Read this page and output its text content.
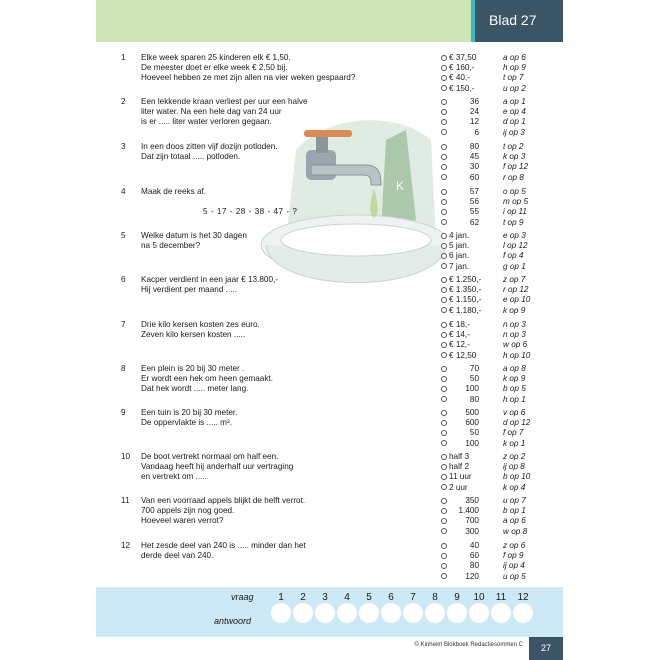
Blad 27
K
1 Elke week sparen 25 kinderen elk € 1,50.
De meester doet er elke week € 2,50 bij.
Hoeveel hebben ze met zijn allen na vier weken gespaard?
€ 37,50	a op 6
€ 160,-	h op 9
€ 40,-	t op 7
€ 150,-	u op 2
2 Een lekkende kraan verliest per uur een halve
liter water. Na een hele dag van 24 uur
is er ..... liter water verloren gegaan.
36	a op 1
24	e op 4
12	d op 1
6	ij op 3
3 In een doos zitten vijf dozijn potloden.
Dat zijn totaal ..... potloden.
80	t op 2
45	k op 3
30	f op 12
60	r op 8
4 Maak de reeks af.
5 - 17 - 28 - 38 - 47 - ?
57	o op 5
56	m op 5
55	i op 11
62	t op 9
5 Welke datum is het 30 dagen
na 5 december?
4 jan.	e op 3
5 jan.	l op 12
6 jan.	f op 4
7 jan.	g op 1
6 Kacper verdient in een jaar € 13.800,-
Hij verdient per maand .....
€ 1.250,-	z op 7
€ 1.350,-	r op 12
€ 1.150,-	e op 10
€ 1.180,-	k op 9
7 Drie kilo kersen kosten zes euro.
Zeven kilo kersen kosten .....
€ 18,-	n op 3
€ 14,-	n op 3
€ 12,-	w op 6
€ 12,50	h op 10
8 Een plein is 20 bij 30 meter .
Er wordt een hek om heen gemaakt.
Dat hek wordt ..... meter lang.
70	a op 8
50	k op 9
100	b op 5
80	h op 1
9 Een tuin is 20 bij 30 meter.
De oppervlakte is ..... m².
500	v op 6
600	d op 12
50	f op 7
100	k op 1
10 De boot vertrekt normaal om half een.
Vandaag heeft hij anderhalf uur vertraging
en vertrekt om .....
half 3	z op 2
half 2	ij op 8
11 uur	b op 10
2 uur	k op 4
11 Van een voorraad appels blijkt de helft verrot.
700 appels zijn nog goed.
Hoeveel waren verrot?
350	u op 7
1.400	b op 1
700	a op 6
300	w op 8
12 Het zesde deel van 240 is ..... minder dan het
derde deel van 240.
40	z op 6
60	f op 9
80	ij op 4
120	u op 5
vraag
antwoord
1	2	3	4	5	6	7	8	9	10	11	12
© Kinheim Blokboek Redactiesommen C	27
